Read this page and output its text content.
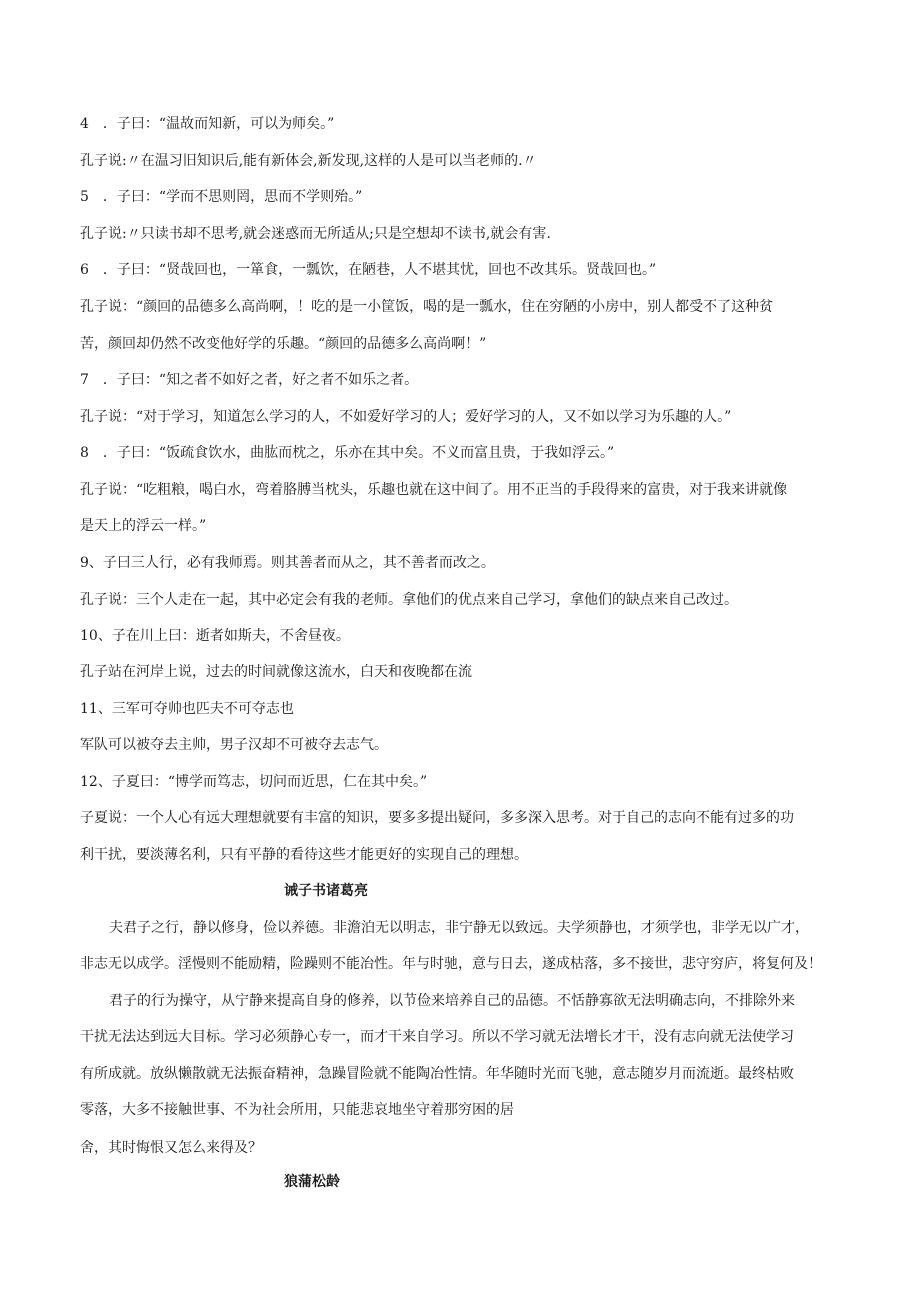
4　．子曰：“温故而知新，可以为师矣。”
孔子说:〃在温习旧知识后,能有新体会,新发现,这样的人是可以当老师的.〃
5　．子曰：“学而不思则罔，思而不学则殆。”
孔子说:〃只读书却不思考,就会迷惑而无所适从;只是空想却不读书,就会有害.
6　．子曰：“贤哉回也，一箪食，一瓢饮，在陋巷，人不堪其忧，回也不改其乐。贤哉回也。”
孔子说：“颜回的品德多么高尚啊，！吃的是一小筐饭，喝的是一瓢水，住在穷陋的小房中，别人都受不了这种贫
苦，颜回却仍然不改变他好学的乐趣。“颜回的品德多么高尚啊！”
7　．子曰：“知之者不如好之者，好之者不如乐之者。
孔子说：“对于学习，知道怎么学习的人，不如爱好学习的人；爱好学习的人，又不如以学习为乐趣的人。”
8　．子曰：“饭疏食饮水，曲肱而枕之，乐亦在其中矣。不义而富且贵，于我如浮云。”
孔子说：“吃粗粮，喝白水，弯着胳膊当枕头，乐趣也就在这中间了。用不正当的手段得来的富贵，对于我来讲就像
是天上的浮云一样。”
9、子曰三人行，必有我师焉。则其善者而从之，其不善者而改之。
孔子说：三个人走在一起，其中必定会有我的老师。拿他们的优点来自己学习，拿他们的缺点来自己改过。
10、子在川上曰：逝者如斯夫，不舍昼夜。
孔子站在河岸上说，过去的时间就像这流水，白天和夜晚都在流
11、三军可夺帅也匹夫不可夺志也
军队可以被夺去主帅，男子汉却不可被夺去志气。
12、子夏曰：“博学而笃志，切问而近思，仁在其中矣。”
子夏说：一个人心有远大理想就要有丰富的知识，要多多提出疑问，多多深入思考。对于自己的志向不能有过多的功
利干扰，要淡薄名利，只有平静的看待这些才能更好的实现自己的理想。
诫子书诸葛亮
夫君子之行，静以修身，俭以养德。非澹泊无以明志，非宁静无以致远。夫学须静也，才须学也，非学无以广才，
非志无以成学。淫慢则不能励精，险躁则不能冶性。年与时驰，意与日去，遂成枯落，多不接世，悲守穷庐，将复何及！
君子的行为操守，从宁静来提高自身的修养，以节俭来培养自己的品德。不恬静寡欲无法明确志向，不排除外来
干扰无法达到远大目标。学习必须静心专一，而才干来自学习。所以不学习就无法增长才干，没有志向就无法使学习
有所成就。放纵懒散就无法振奋精神，急躁冒险就不能陶冶性情。年华随时光而飞驰，意志随岁月而流逝。最终枯败
零落，大多不接触世事、不为社会所用，只能悲哀地坐守着那穷困的居
舍，其时悔恨又怎么来得及？
狼蒲松龄
